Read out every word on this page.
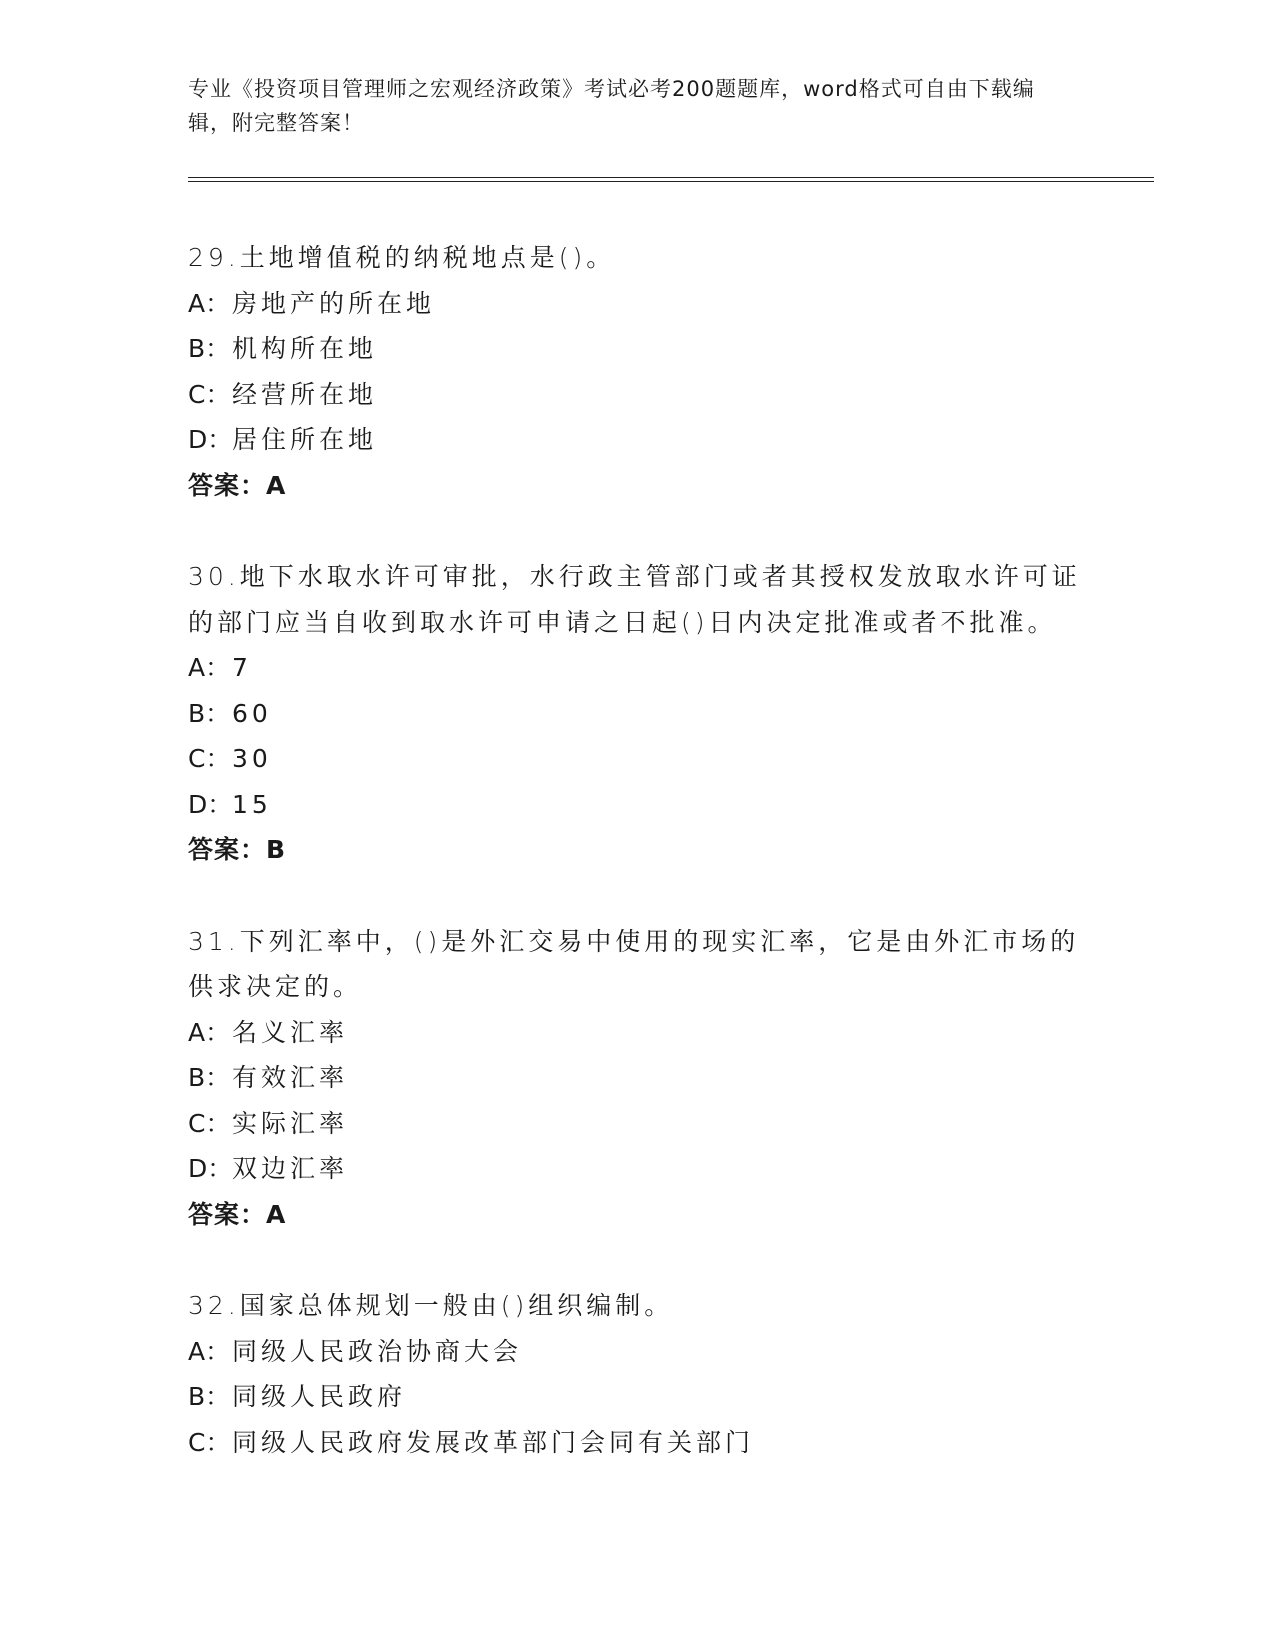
专业《投资项目管理师之宏观经济政策》考试必考200题题库，word格式可自由下载编辑，附完整答案！

29.土地增值税的纳税地点是()。

A：房地产的所在地

B：机构所在地

C：经营所在地

D：居住所在地

答案：A

30.地下水取水许可审批，水行政主管部门或者其授权发放取水许可证的部门应当自收到取水许可申请之日起()日内决定批准或者不批准。

A：7

B：60

C：30

D：15

答案：B

31.下列汇率中，()是外汇交易中使用的现实汇率，它是由外汇市场的供求决定的。

A：名义汇率

B：有效汇率

C：实际汇率

D：双边汇率

答案：A

32.国家总体规划一般由()组织编制。

A：同级人民政治协商大会

B：同级人民政府

C：同级人民政府发展改革部门会同有关部门
